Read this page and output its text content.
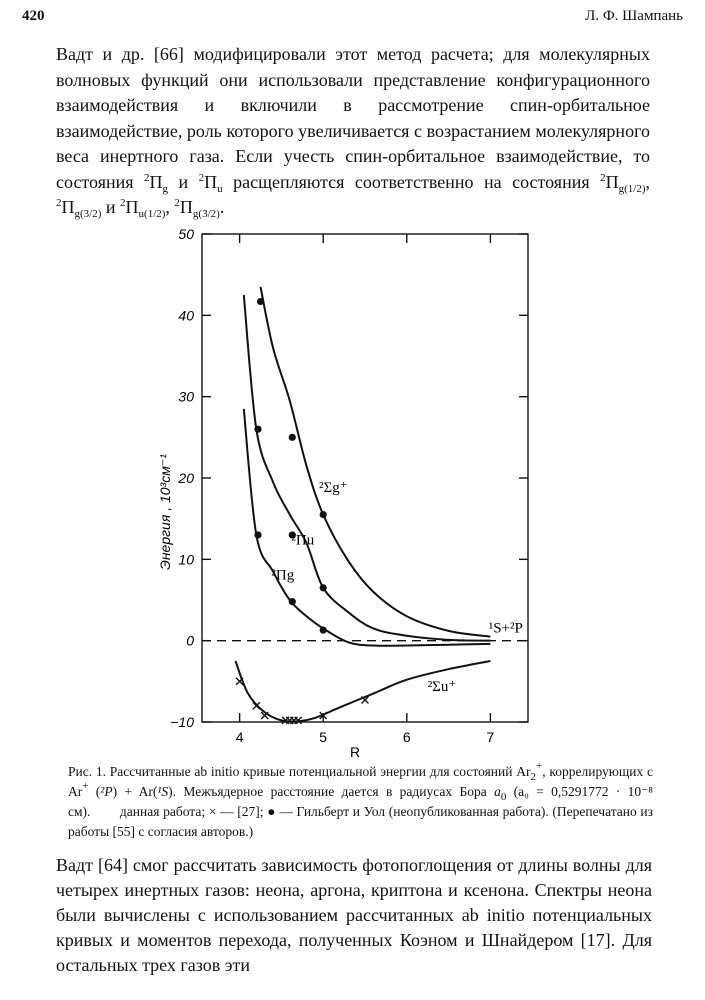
420	Л. Ф. Шампань

Вадт и др. [66] модифицировали этот метод расчета; для молекулярных волновых функций они использовали представление конфигурационного взаимодействия и включили в рассмотрение спин-орбитальное взаимодействие, роль которого увеличивается с возрастанием молекулярного веса инертного газа. Если учесть спин-орбитальное взаимодействие, то состояния $^2\Pi_g$ и $^2\Pi_u$ расщепляются соответственно на состояния $^2\Pi_{g(1/2)}$, $^2\Pi_{g(3/2)}$ и $^2\Pi_{u(1/2)}$, $^2\Pi_{g(3/2)}$.

−10
0
10
20
30
40
50
4	5	6	7
²Σg⁺
²Πu
²Πg
¹S+²P
²Σu⁺
Энергия , 10³см⁻¹
R

Рис. 1. Рассчитанные ab initio кривые потенциальной энергии для состояний $Ar_2^+$, коррелирующих с Ar+ (²P) + Ar(¹S). Межъядерное расстояние дается в радиусах Бора $a_0$ (a₀ = 0,5291772 · 10⁻⁸ см). данная работа; × — [27]; ● — Гильберт и Уол (неопубликованная работа). (Перепечатано из работы [55] с согласия авторов.)

Вадт [64] смог рассчитать зависимость фотопоглощения от длины волны для четырех инертных газов: неона, аргона, криптона и ксенона. Спектры неона были вычислены с использованием рассчитанных ab initio потенциальных кривых и моментов перехода, полученных Коэном и Шнайдером [17]. Для остальных трех газов эти
